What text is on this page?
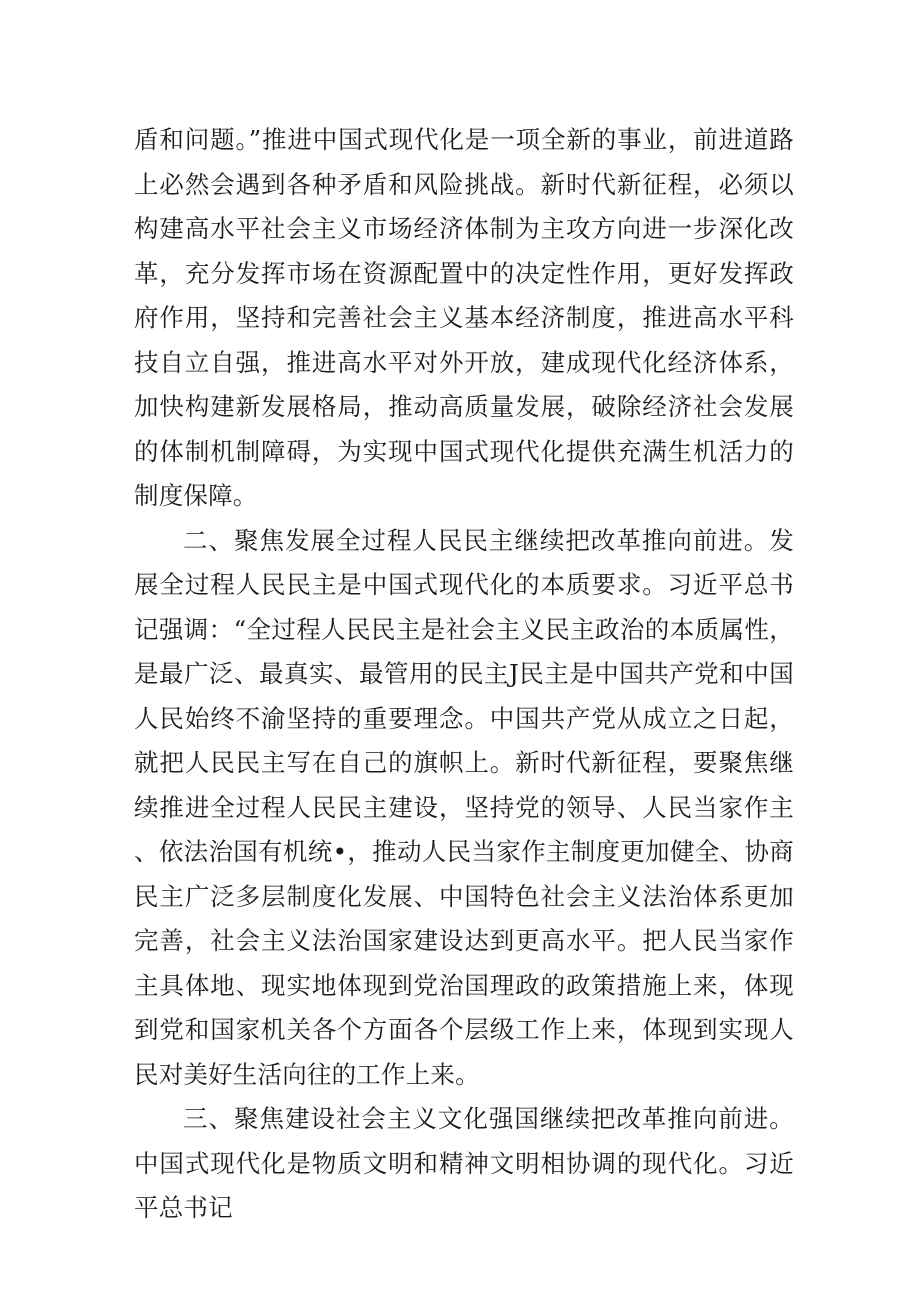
盾和问题。”推进中国式现代化是一项全新的事业，前进道路上必然会遇到各种矛盾和风险挑战。新时代新征程，必须以构建高水平社会主义市场经济体制为主攻方向进一步深化改革，充分发挥市场在资源配置中的决定性作用，更好发挥政府作用，坚持和完善社会主义基本经济制度，推进高水平科技自立自强，推进高水平对外开放，建成现代化经济体系，加快构建新发展格局，推动高质量发展，破除经济社会发展的体制机制障碍，为实现中国式现代化提供充满生机活力的制度保障。

二、聚焦发展全过程人民民主继续把改革推向前进。发展全过程人民民主是中国式现代化的本质要求。习近平总书记强调：“全过程人民民主是社会主义民主政治的本质属性，是最广泛、最真实、最管用的民主J民主是中国共产党和中国人民始终不渝坚持的重要理念。中国共产党从成立之日起，就把人民民主写在自己的旗帜上。新时代新征程，要聚焦继续推进全过程人民民主建设，坚持党的领导、人民当家作主、依法治国有机统•，推动人民当家作主制度更加健全、协商民主广泛多层制度化发展、中国特色社会主义法治体系更加完善，社会主义法治国家建设达到更高水平。把人民当家作主具体地、现实地体现到党治国理政的政策措施上来，体现到党和国家机关各个方面各个层级工作上来，体现到实现人民对美好生活向往的工作上来。

三、聚焦建设社会主义文化强国继续把改革推向前进。中国式现代化是物质文明和精神文明相协调的现代化。习近平总书记
